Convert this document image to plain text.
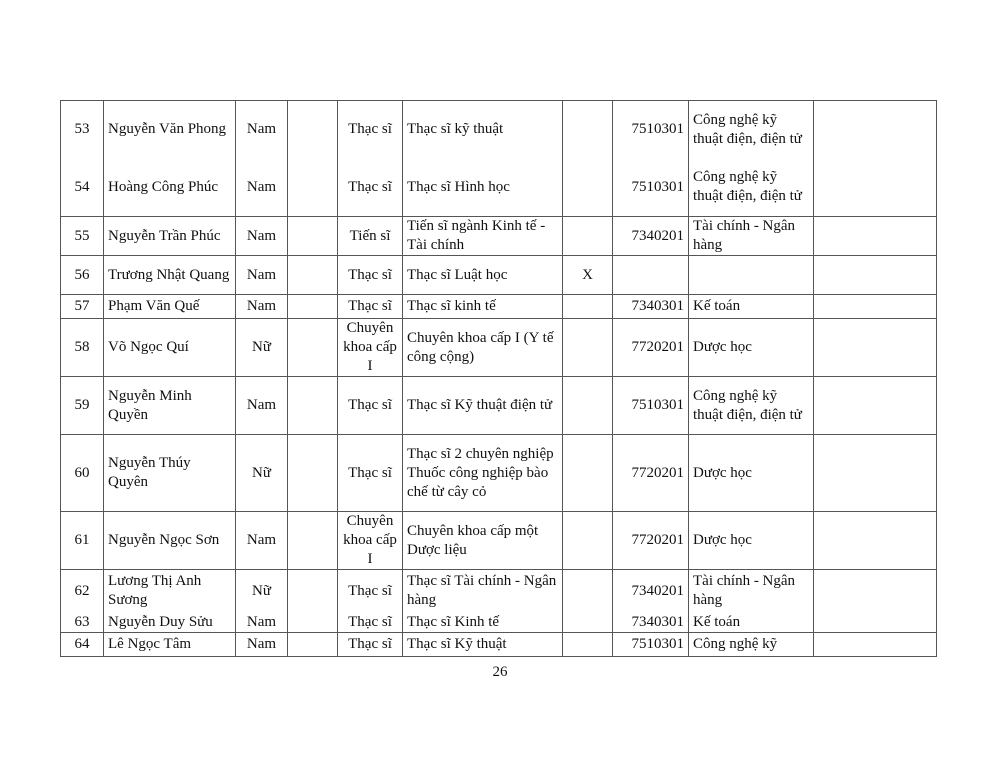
53	Nguyễn Văn Phong	Nam		Thạc sĩ	Thạc sĩ kỹ thuật		7510301	Công nghệ kỹ thuật điện, điện tử	
54	Hoàng Công Phúc	Nam		Thạc sĩ	Thạc sĩ Hình học		7510301	Công nghệ kỹ thuật điện, điện tử	
55	Nguyễn Trần Phúc	Nam		Tiến sĩ	Tiến sĩ ngành Kinh tế - Tài chính		7340201	Tài chính - Ngân hàng	
56	Trương Nhật Quang	Nam		Thạc sĩ	Thạc sĩ Luật học	X			
57	Phạm Văn Quế	Nam		Thạc sĩ	Thạc sĩ kinh tế		7340301	Kế toán	
58	Võ Ngọc Quí	Nữ		Chuyên khoa cấp I	Chuyên khoa cấp I (Y tế công cộng)		7720201	Dược học	
59	Nguyễn Minh Quyền	Nam		Thạc sĩ	Thạc sĩ Kỹ thuật điện tử		7510301	Công nghệ kỹ thuật điện, điện tử	
60	Nguyễn Thúy Quyên	Nữ		Thạc sĩ	Thạc sĩ 2 chuyên nghiệp Thuốc công nghiệp bào chế từ cây cỏ		7720201	Dược học	
61	Nguyễn Ngọc Sơn	Nam		Chuyên khoa cấp I	Chuyên khoa cấp một Dược liệu		7720201	Dược học	
62	Lương Thị Anh Sương	Nữ		Thạc sĩ	Thạc sĩ Tài chính - Ngân hàng		7340201	Tài chính - Ngân hàng	
63	Nguyễn Duy Sửu	Nam		Thạc sĩ	Thạc sĩ Kinh tế		7340301	Kế toán	
64	Lê Ngọc Tâm	Nam		Thạc sĩ	Thạc sĩ Kỹ thuật		7510301	Công nghệ kỹ	
26
